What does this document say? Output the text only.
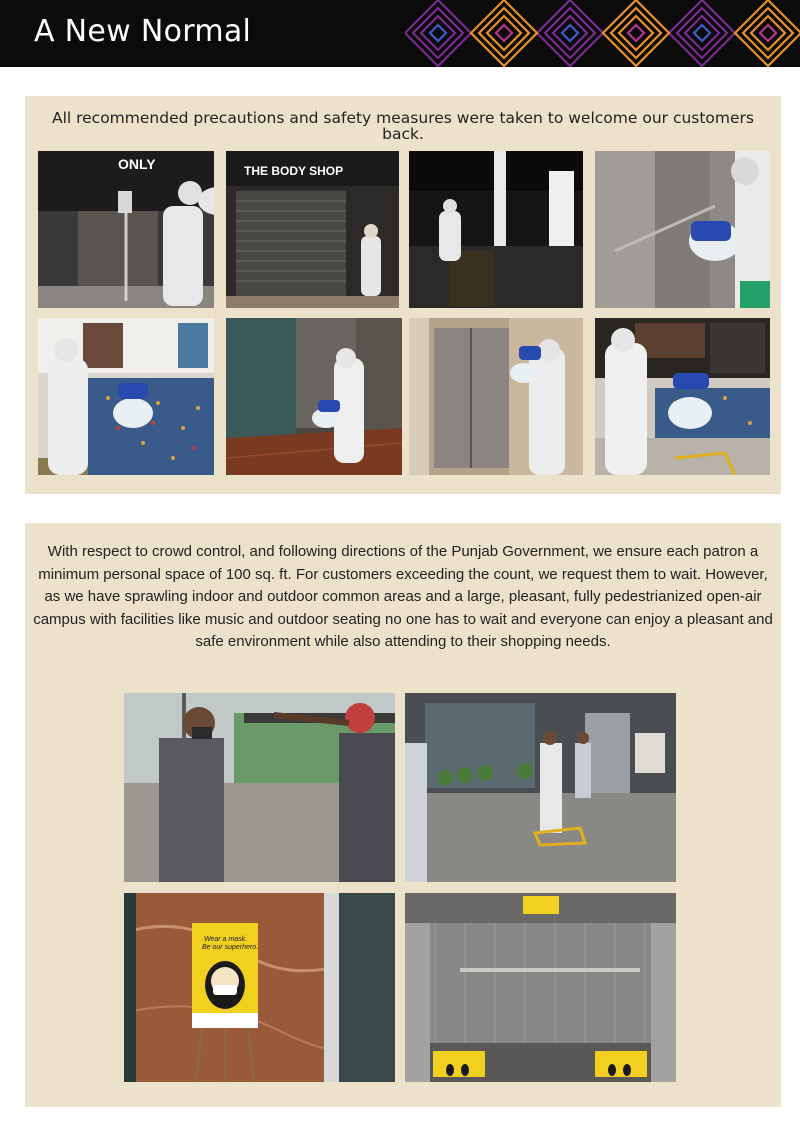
A New Normal
All recommended precautions and safety measures were taken to welcome our customers back.
ONLY	THE BODY SHOP
With respect to crowd control, and following directions of the Punjab Government, we ensure each patron a minimum personal space of 100 sq. ft. For customers exceeding the count, we request them to wait. However, as we have sprawling indoor and outdoor common areas and a large, pleasant, fully pedestrianized open-air campus with facilities like music and outdoor seating no one has to wait and everyone can enjoy a pleasant and safe environment while also attending to their shopping needs.
Wear a mask.
Be our superhero.
